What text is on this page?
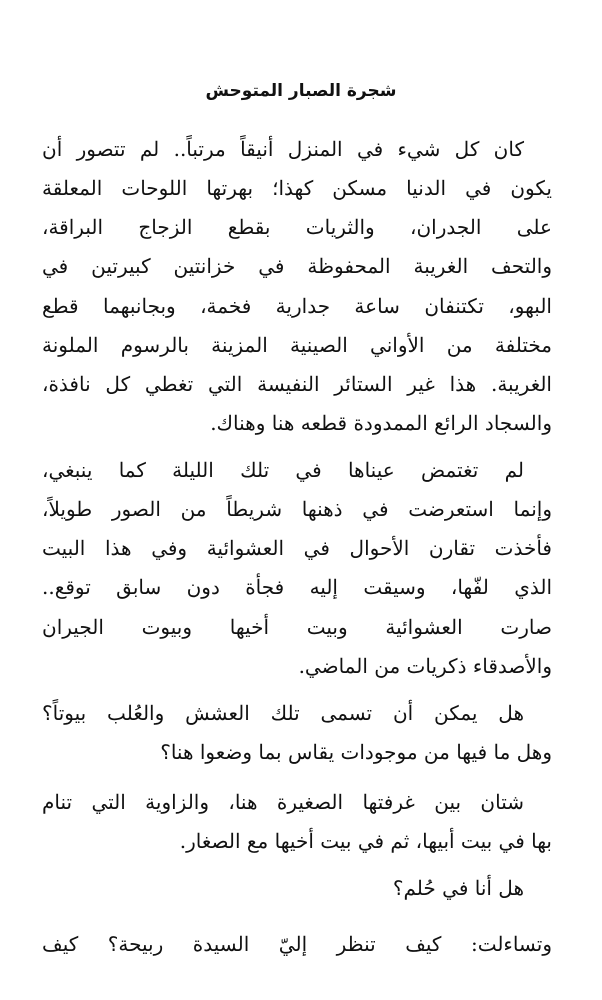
شجرة الصبار المتوحش
كان كل شيء في المنزل أنيقاً مرتباً.. لم تتصور أن
يكون في الدنيا مسكن كهذا؛ بهرتها اللوحات المعلقة
على الجدران، والثريات بقطع الزجاج البراقة،
والتحف الغريبة المحفوظة في خزانتين كبيرتين في
البهو، تكتنفان ساعة جدارية فخمة، وبجانبهما قطع
مختلفة من الأواني الصينية المزينة بالرسوم الملونة
الغريبة. هذا غير الستائر النفيسة التي تغطي كل نافذة،
والسجاد الرائع الممدودة قطعه هنا وهناك.
لم تغتمض عيناها في تلك الليلة كما ينبغي،
وإنما استعرضت في ذهنها شريطاً من الصور طويلاً،
فأخذت تقارن الأحوال في العشوائية وفي هذا البيت
الذي لفّها، وسيقت إليه فجأة دون سابق توقع..
صارت العشوائية وبيت أخيها وبيوت الجيران
والأصدقاء ذكريات من الماضي.
هل يمكن أن تسمى تلك العشش والعُلب بيوتاً؟
وهل ما فيها من موجودات يقاس بما وضعوا هنا؟
شتان بين غرفتها الصغيرة هنا، والزاوية التي تنام
بها في بيت أبيها، ثم في بيت أخيها مع الصغار.
هل أنا في حُلم؟
وتساءلت: كيف تنظر إليّ السيدة ربيحة؟ كيف
